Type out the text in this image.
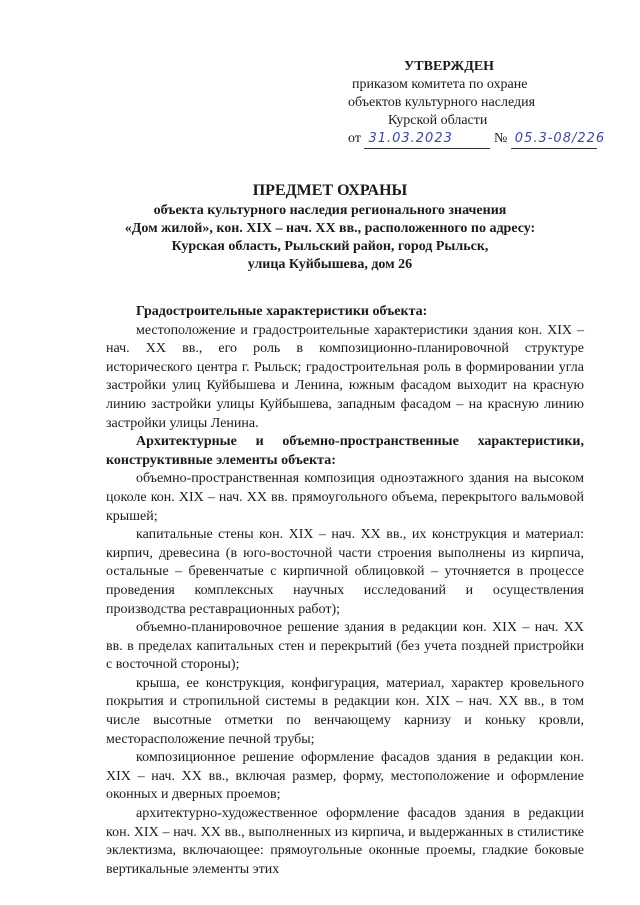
УТВЕРЖДЕН
приказом комитета по охране
объектов культурного наследия
Курской области
от 31.03.2023	№ 05.3-08/226
ПРЕДМЕТ ОХРАНЫ
объекта культурного наследия регионального значения
«Дом жилой», кон. XIX – нач. XX вв., расположенного по адресу:
Курская область, Рыльский район, город Рыльск,
улица Куйбышева, дом 26

Градостроительные характеристики объекта:

местоположение и градостроительные характеристики здания кон. XIX – нач. XX вв., его роль в композиционно-планировочной структуре исторического центра г. Рыльск; градостроительная роль в формировании угла застройки улиц Куйбышева и Ленина, южным фасадом выходит на красную линию застройки улицы Куйбышева, западным фасадом – на красную линию застройки улицы Ленина.

Архитектурные и объемно-пространственные характеристики, конструктивные элементы объекта:

объемно-пространственная композиция одноэтажного здания на высоком цоколе кон. XIX – нач. XX вв. прямоугольного объема, перекрытого вальмовой крышей;

капитальные стены кон. XIX – нач. XX вв., их конструкция и материал: кирпич, древесина (в юго-восточной части строения выполнены из кирпича, остальные – бревенчатые с кирпичной облицовкой – уточняется в процессе проведения комплексных научных исследований и осуществления производства реставрационных работ);

объемно-планировочное решение здания в редакции кон. XIX – нач. XX вв. в пределах капитальных стен и перекрытий (без учета поздней пристройки с восточной стороны);

крыша, ее конструкция, конфигурация, материал, характер кровельного покрытия и стропильной системы в редакции кон. XIX – нач. XX вв., в том числе высотные отметки по венчающему карнизу и коньку кровли, месторасположение печной трубы;

композиционное решение оформление фасадов здания в редакции кон. XIX – нач. XX вв., включая размер, форму, местоположение и оформление оконных и дверных проемов;

архитектурно-художественное оформление фасадов здания в редакции кон. XIX – нач. XX вв., выполненных из кирпича, и выдержанных в стилистике эклектизма, включающее: прямоугольные оконные проемы, гладкие боковые вертикальные элементы этих
